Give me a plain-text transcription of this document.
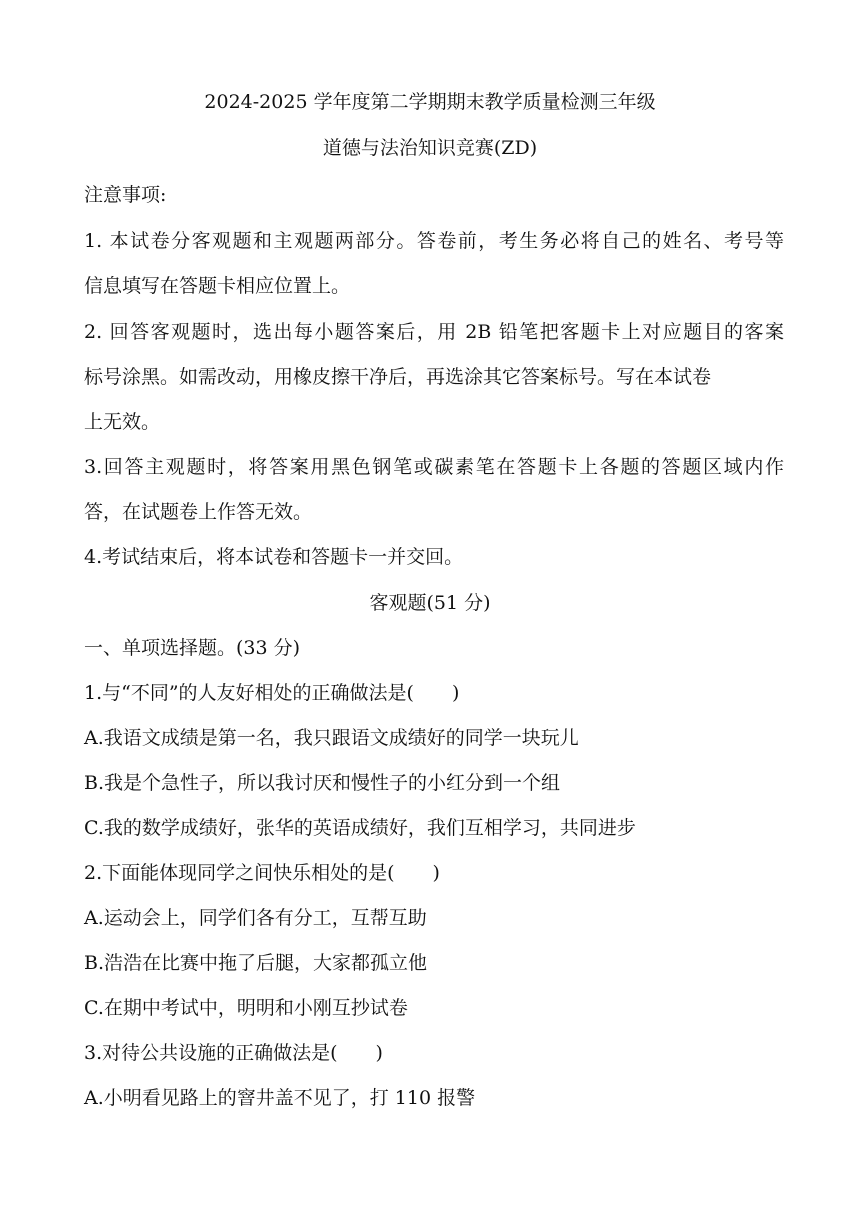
2024-2025 学年度第二学期期末教学质量检测三年级
道德与法治知识竞赛(ZD)
注意事项:
1. 本试卷分客观题和主观题两部分。答卷前，考生务必将自己的姓名、考号等
信息填写在答题卡相应位置上。
2. 回答客观题时，选出每小题答案后，用 2B 铅笔把客题卡上对应题目的客案
标号涂黑。如需改动，用橡皮擦干净后，再选涂其它答案标号。写在本试卷
上无效。
3.回答主观题时，将答案用黑色钢笔或碳素笔在答题卡上各题的答题区域内作
答，在试题卷上作答无效。
4.考试结束后，将本试卷和答题卡一并交回。
客观题(51 分)
一、单项选择题。(33 分)
1.与“不同”的人友好相处的正确做法是(　　)
A.我语文成绩是第一名，我只跟语文成绩好的同学一块玩儿
B.我是个急性子，所以我讨厌和慢性子的小红分到一个组
C.我的数学成绩好，张华的英语成绩好，我们互相学习，共同进步
2.下面能体现同学之间快乐相处的是(　　)
A.运动会上，同学们各有分工，互帮互助
B.浩浩在比赛中拖了后腿，大家都孤立他
C.在期中考试中，明明和小刚互抄试卷
3.对待公共设施的正确做法是(　　)
A.小明看见路上的窨井盖不见了，打 110 报警
